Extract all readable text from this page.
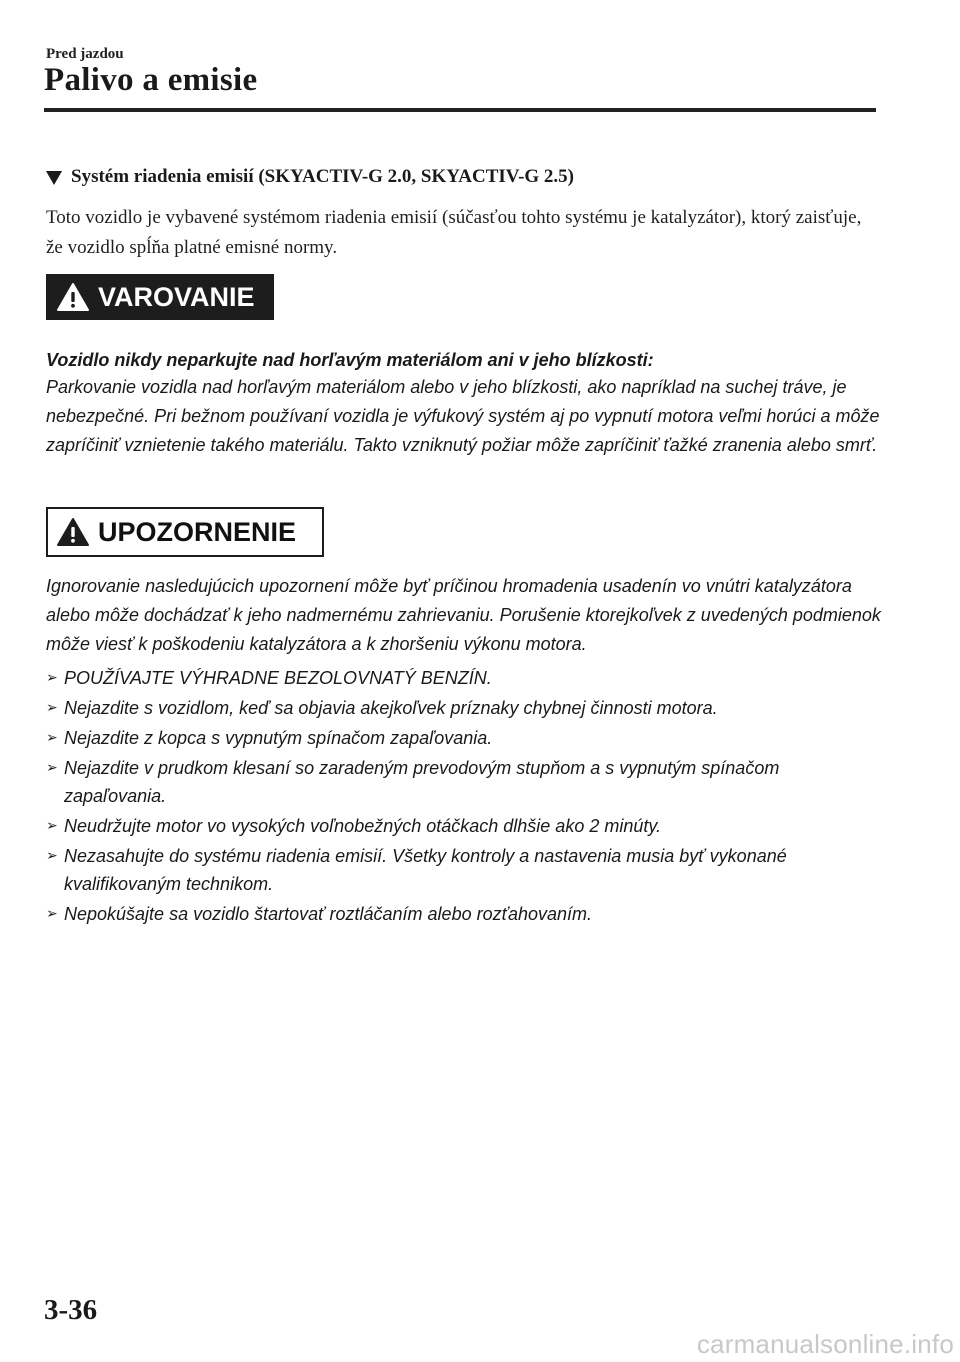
Pred jazdou
Palivo a emisie
Systém riadenia emisií (SKYACTIV-G 2.0, SKYACTIV-G 2.5)

Toto vozidlo je vybavené systémom riadenia emisií (súčasťou tohto systému je katalyzátor), ktorý zaisťuje, že vozidlo spĺňa platné emisné normy.

VAROVANIE

Vozidlo nikdy neparkujte nad horľavým materiálom ani v jeho blízkosti:

Parkovanie vozidla nad horľavým materiálom alebo v jeho blízkosti, ako napríklad na suchej tráve, je nebezpečné. Pri bežnom používaní vozidla je výfukový systém aj po vypnutí motora veľmi horúci a môže zapríčiniť vznietenie takého materiálu. Takto vzniknutý požiar môže zapríčiniť ťažké zranenia alebo smrť.

UPOZORNENIE

Ignorovanie nasledujúcich upozornení môže byť príčinou hromadenia usadenín vo vnútri katalyzátora alebo môže dochádzať k jeho nadmernému zahrievaniu. Porušenie ktorejkoľvek z uvedených podmienok môže viesť k poškodeniu katalyzátora a k zhoršeniu výkonu motora.

➢ POUŽÍVAJTE VÝHRADNE BEZOLOVNATÝ BENZÍN.
➢ Nejazdite s vozidlom, keď sa objavia akejkoľvek príznaky chybnej činnosti motora.
➢ Nejazdite z kopca s vypnutým spínačom zapaľovania.
➢ Nejazdite v prudkom klesaní so zaradeným prevodovým stupňom a s vypnutým spínačom zapaľovania.
➢ Neudržujte motor vo vysokých voľnobežných otáčkach dlhšie ako 2 minúty.
➢ Nezasahujte do systému riadenia emisií. Všetky kontroly a nastavenia musia byť vykonané kvalifikovaným technikom.
➢ Nepokúšajte sa vozidlo štartovať roztláčaním alebo rozťahovaním.
3-36
carmanualsonline.info
